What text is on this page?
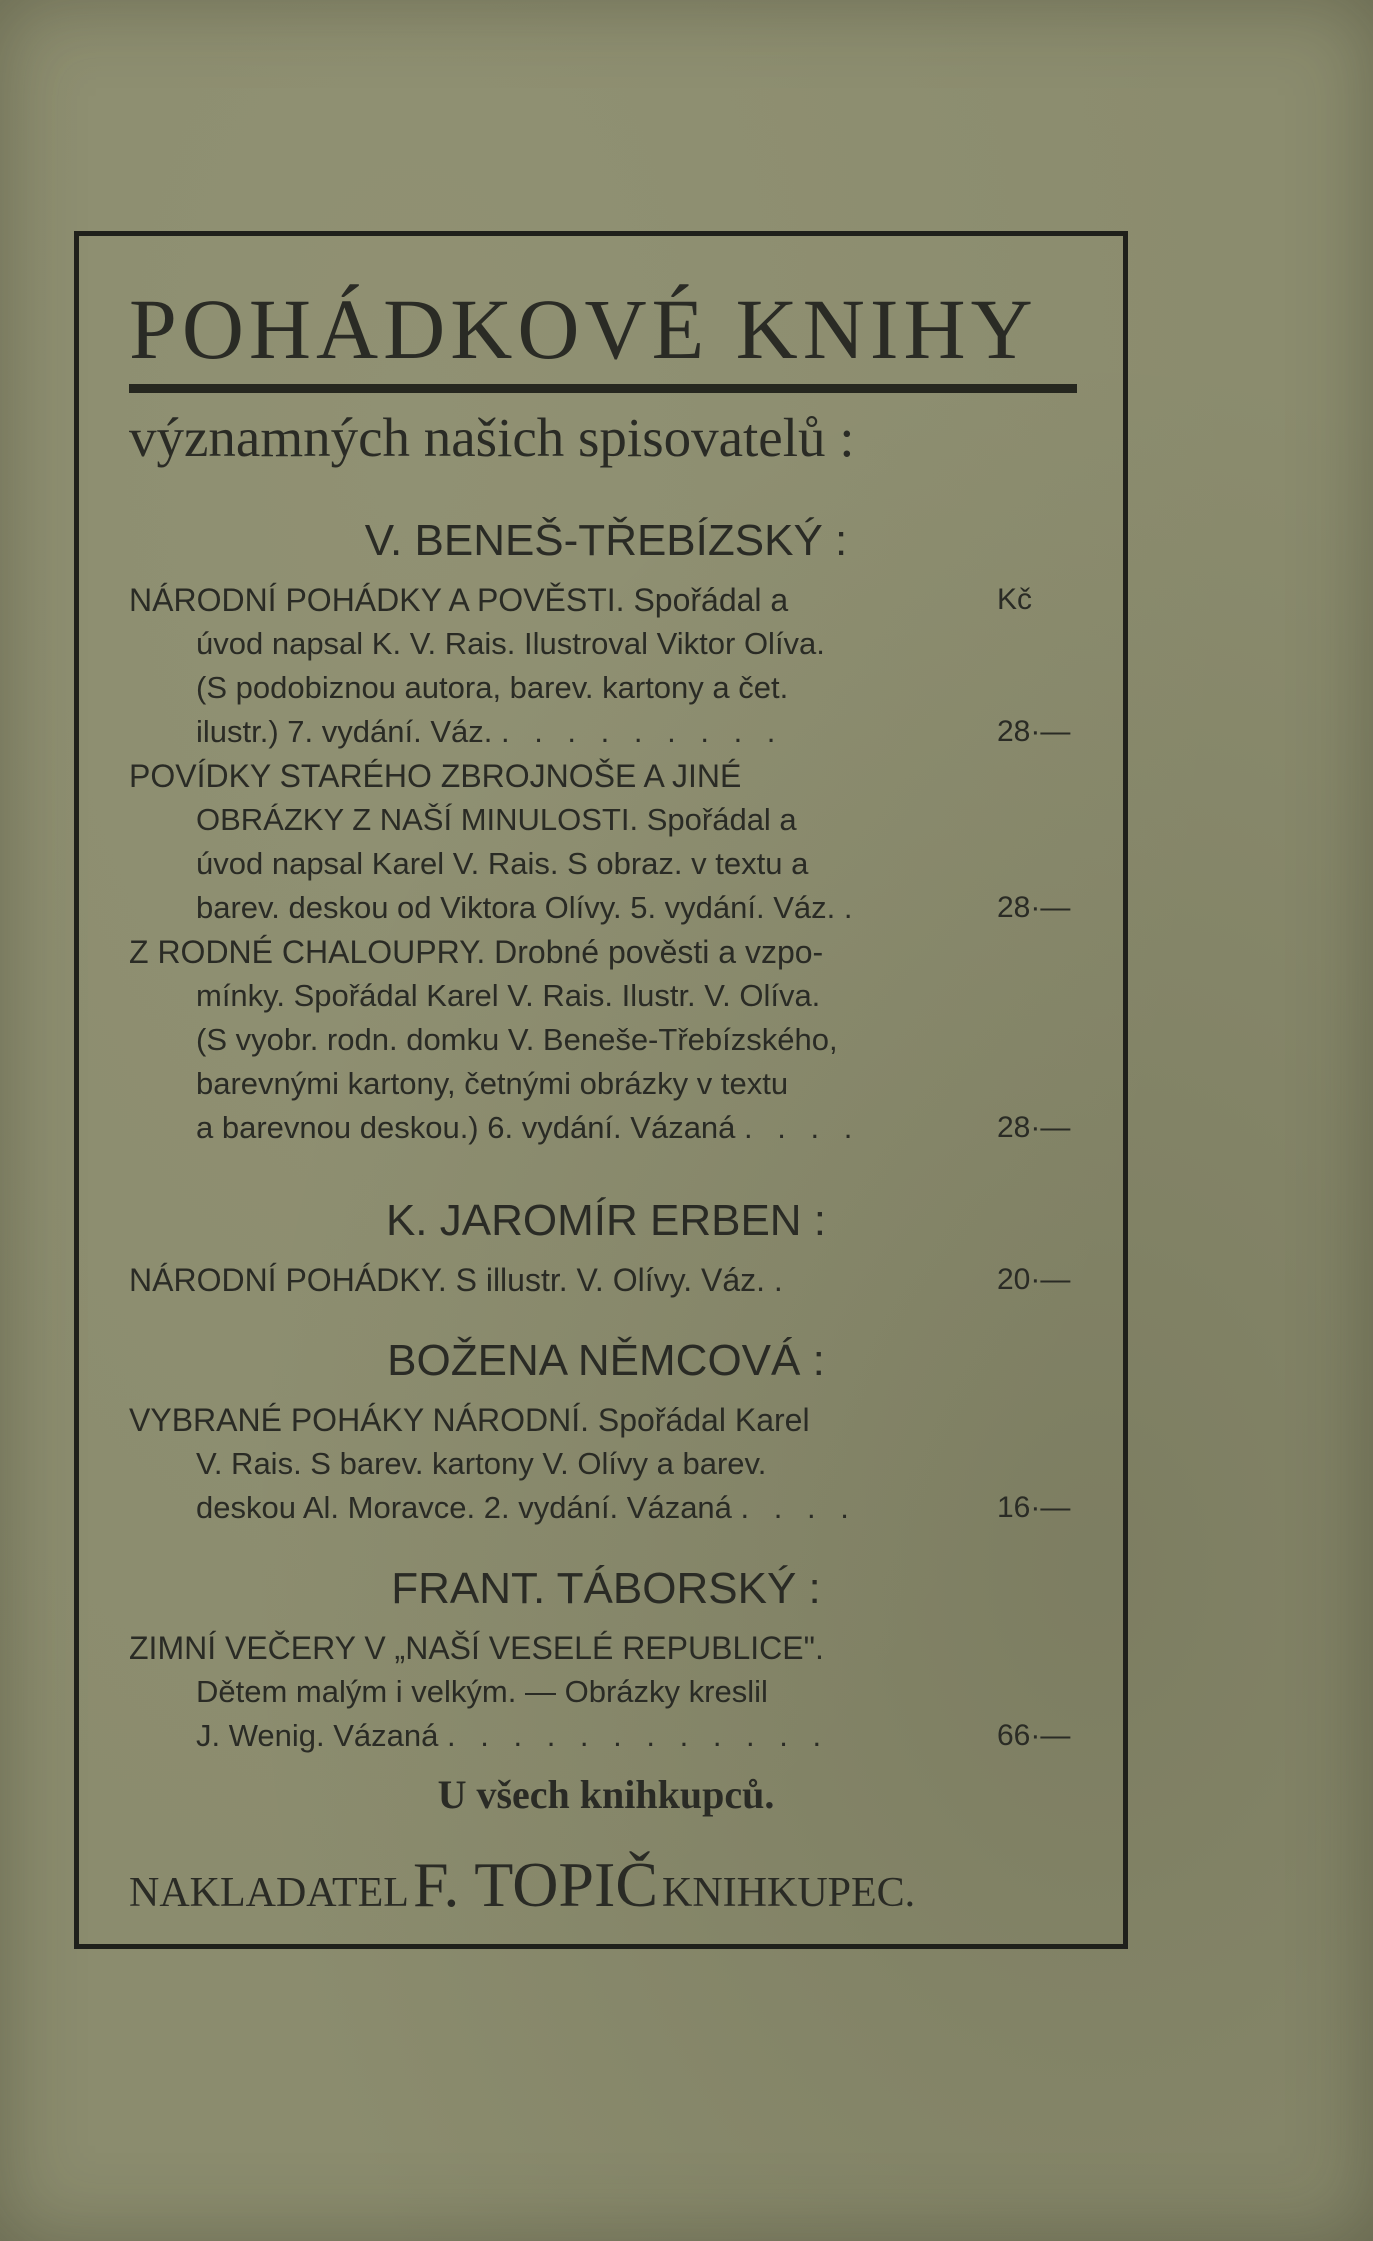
POHÁDKOVÉ KNIHY
významných našich spisovatelů :
V. BENEŠ-TŘEBÍZSKÝ :
Kč
NÁRODNÍ POHÁDKY A POVĚSTI. Spořádal a
úvod napsal K. V. Rais. Ilustroval Viktor Olíva.
(S podobiznou autora, barev. kartony a čet.
ilustr.) 7. vydání. Váz. . . . . . . . . .	28·—
POVÍDKY STARÉHO ZBROJNOŠE A JINÉ
OBRÁZKY Z NAŠÍ MINULOSTI. Spořádal a
úvod napsal Karel V. Rais. S obraz. v textu a
barev. deskou od Viktora Olívy. 5. vydání. Váz. .	28·—
Z RODNÉ CHALOUPRY. Drobné pověsti a vzpo-
mínky. Spořádal Karel V. Rais. Ilustr. V. Olíva.
(S vyobr. rodn. domku V. Beneše-Třebízského,
barevnými kartony, četnými obrázky v textu
a barevnou deskou.) 6. vydání. Vázaná . . . .	28·—
K. JAROMÍR ERBEN :
NÁRODNÍ POHÁDKY. S illustr. V. Olívy. Váz. .	20·—
BOŽENA NĚMCOVÁ :
VYBRANÉ POHÁKY NÁRODNÍ. Spořádal Karel
V. Rais. S barev. kartony V. Olívy a barev.
deskou Al. Moravce. 2. vydání. Vázaná . . . .	16·—
FRANT. TÁBORSKÝ :
ZIMNÍ VEČERY V „NAŠÍ VESELÉ REPUBLICE".
Dětem malým i velkým. — Obrázky kreslil
J. Wenig. Vázaná . . . . . . . . . . . .	66·—
U všech knihkupců.
NAKLADATEL F. TOPIČ KNIHKUPEC.
